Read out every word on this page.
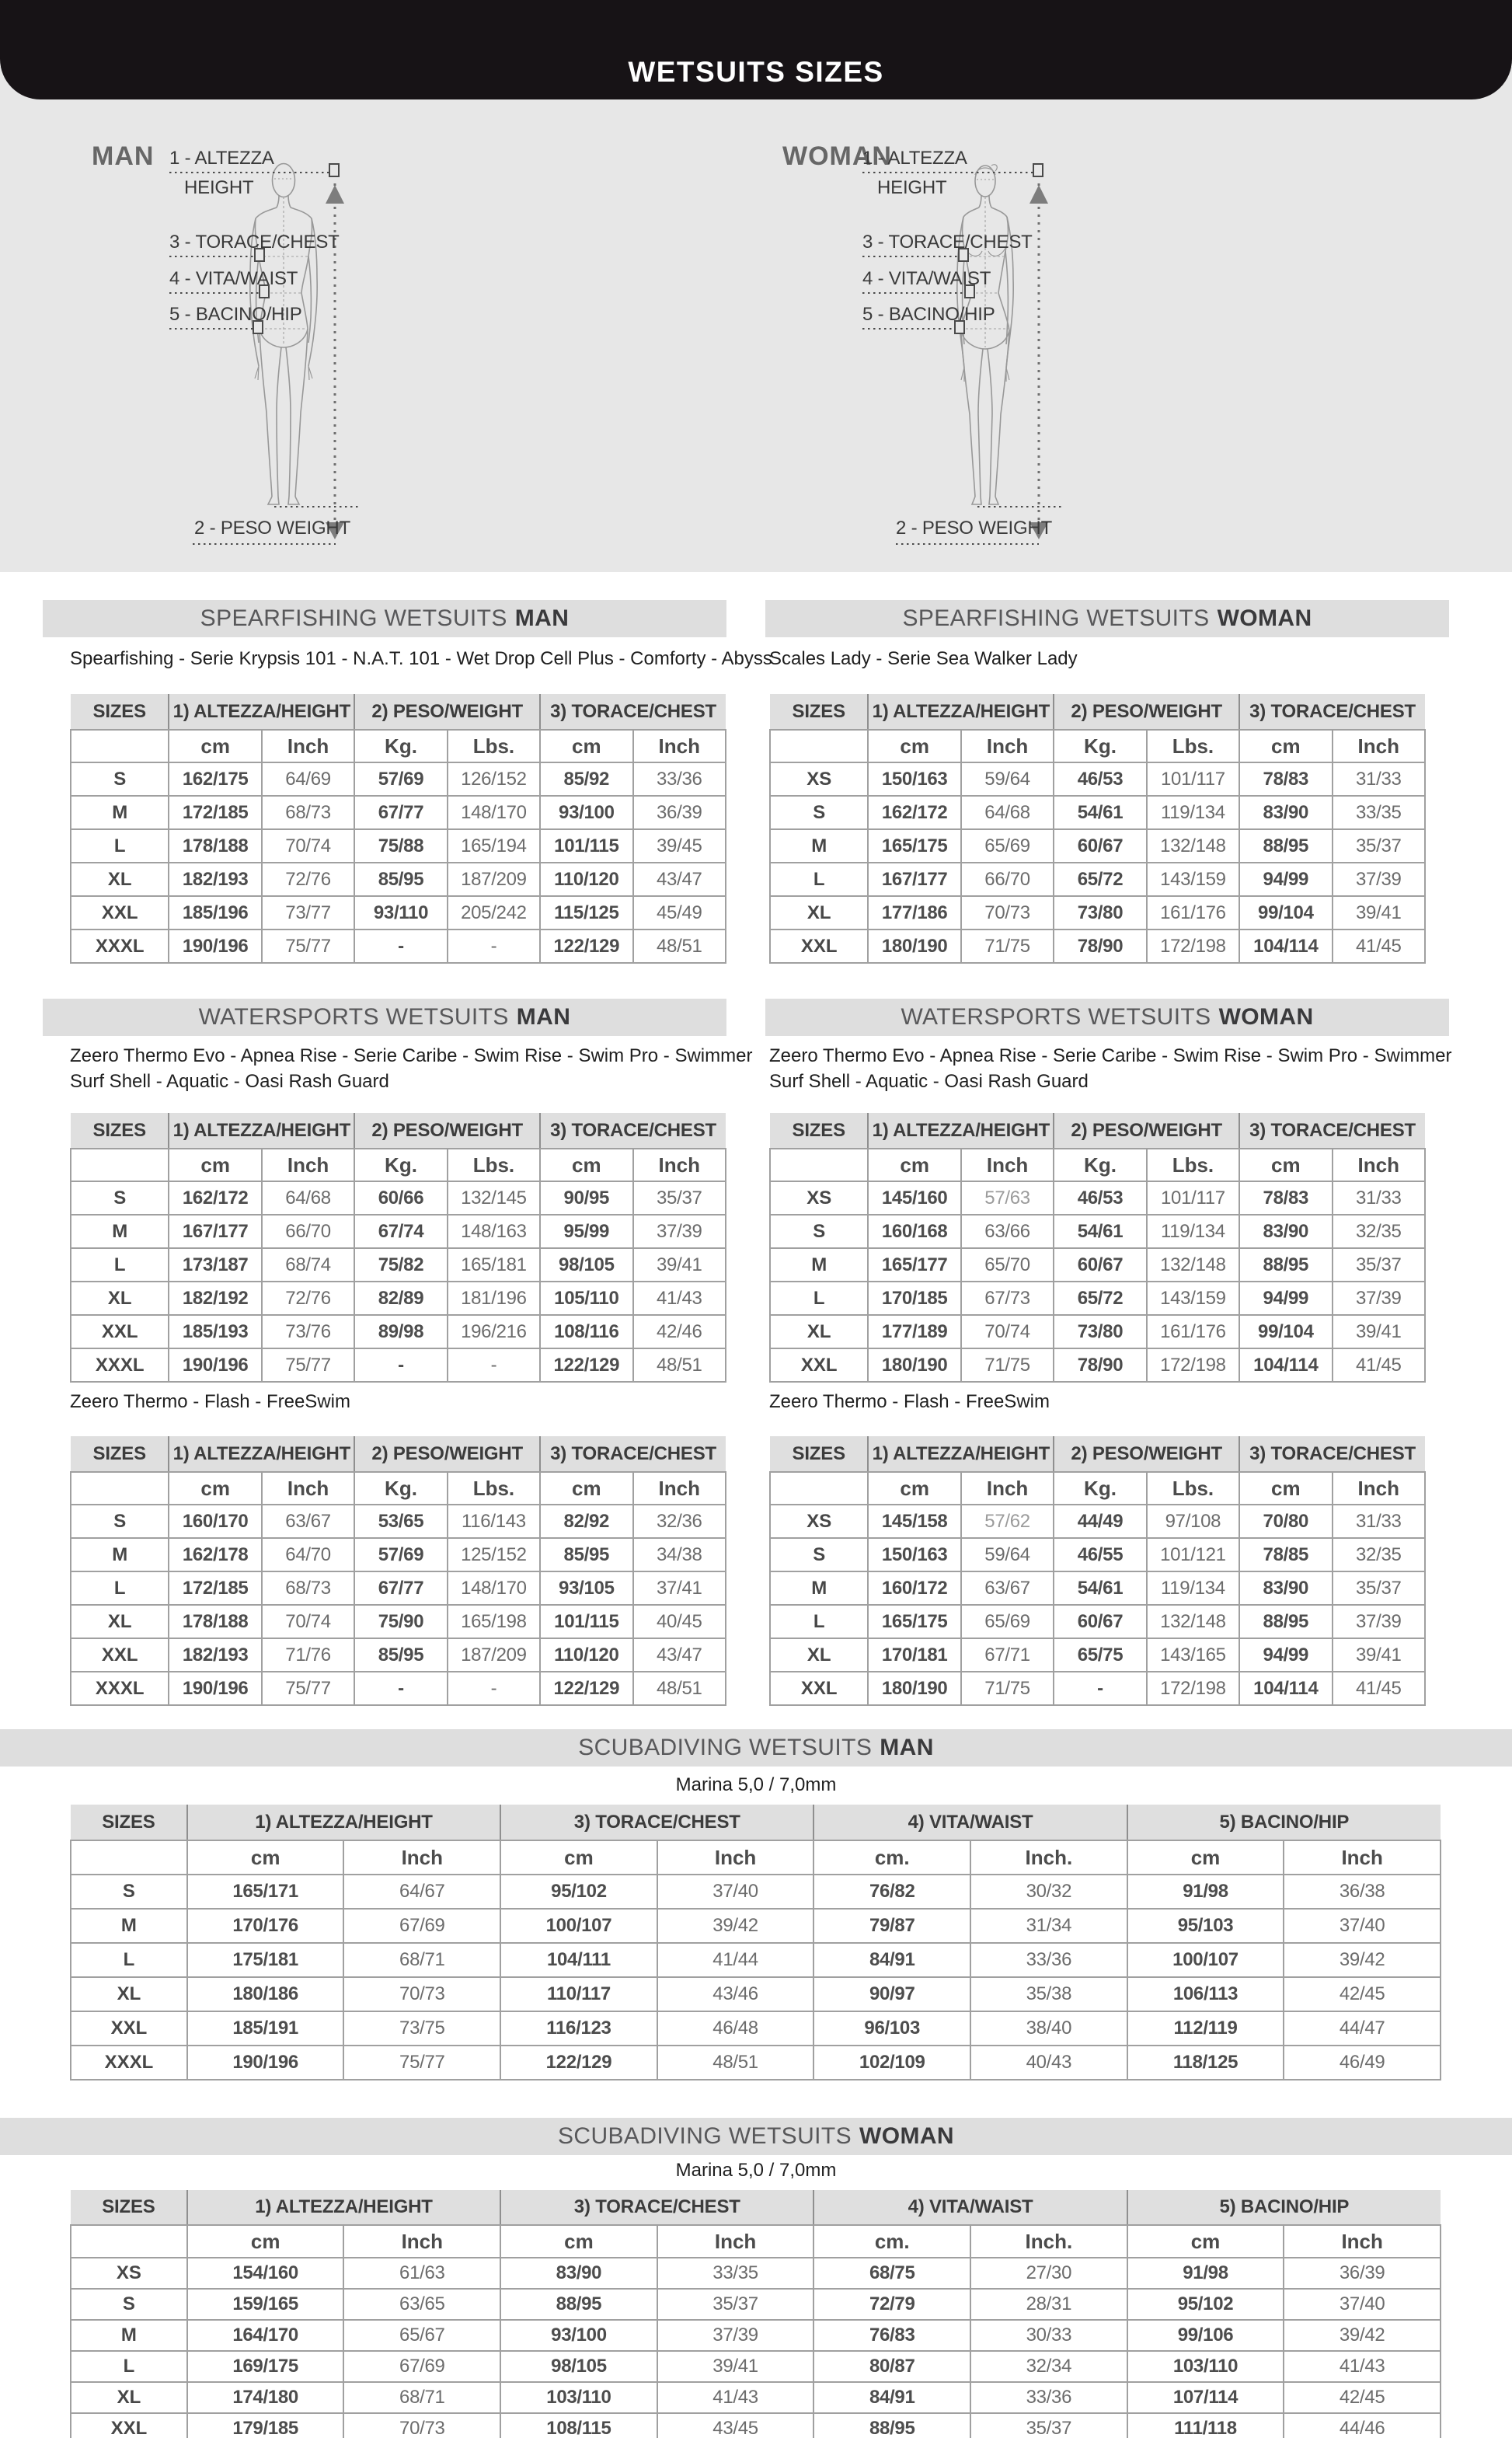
WETSUITS SIZES
MAN 1 - ALTEZZA
HEIGHT
3 - TORACE/CHEST
4 - VITA/WAIST
5 - BACINO/HIP
2 - PESO WEIGHT
WOMAN
1 - ALTEZZA
HEIGHT
3 - TORACE/CHEST
4 - VITA/WAIST
5 - BACINO/HIP
2 - PESO WEIGHT
SPEARFISHING WETSUITS MAN
Spearfishing - Serie Krypsis 101 - N.A.T. 101 - Wet Drop Cell Plus - Comforty - Abyss
SIZES	1) ALTEZZA/HEIGHT		2) PESO/WEIGHT		3) TORACE/CHEST	
	cm	Inch	Kg.	Lbs.	cm	Inch
S	162/175	64/69	57/69	126/152	85/92	33/36
M	172/185	68/73	67/77	148/170	93/100	36/39
L	178/188	70/74	75/88	165/194	101/115	39/45
XL	182/193	72/76	85/95	187/209	110/120	43/47
XXL	185/196	73/77	93/110	205/242	115/125	45/49
XXXL	190/196	75/77	-	-	122/129	48/51
SPEARFISHING WETSUITS WOMAN
Scales Lady - Serie Sea Walker Lady
SIZES	1) ALTEZZA/HEIGHT		2) PESO/WEIGHT		3) TORACE/CHEST	
	cm	Inch	Kg.	Lbs.	cm	Inch
XS	150/163	59/64	46/53	101/117	78/83	31/33
S	162/172	64/68	54/61	119/134	83/90	33/35
M	165/175	65/69	60/67	132/148	88/95	35/37
L	167/177	66/70	65/72	143/159	94/99	37/39
XL	177/186	70/73	73/80	161/176	99/104	39/41
XXL	180/190	71/75	78/90	172/198	104/114	41/45
WATERSPORTS WETSUITS MAN
Zeero Thermo Evo - Apnea Rise - Serie Caribe - Swim Rise - Swim Pro - Swimmer
Surf Shell - Aquatic - Oasi Rash Guard
SIZES	1) ALTEZZA/HEIGHT		2) PESO/WEIGHT		3) TORACE/CHEST	
	cm	Inch	Kg.	Lbs.	cm	Inch
S	162/172	64/68	60/66	132/145	90/95	35/37
M	167/177	66/70	67/74	148/163	95/99	37/39
L	173/187	68/74	75/82	165/181	98/105	39/41
XL	182/192	72/76	82/89	181/196	105/110	41/43
XXL	185/193	73/76	89/98	196/216	108/116	42/46
XXXL	190/196	75/77	-	-	122/129	48/51
WATERSPORTS WETSUITS WOMAN
Zeero Thermo Evo - Apnea Rise - Serie Caribe - Swim Rise - Swim Pro - Swimmer
Surf Shell - Aquatic - Oasi Rash Guard
SIZES	1) ALTEZZA/HEIGHT		2) PESO/WEIGHT		3) TORACE/CHEST	
	cm	Inch	Kg.	Lbs.	cm	Inch
XS	145/160	57/63	46/53	101/117	78/83	31/33
S	160/168	63/66	54/61	119/134	83/90	32/35
M	165/177	65/70	60/67	132/148	88/95	35/37
L	170/185	67/73	65/72	143/159	94/99	37/39
XL	177/189	70/74	73/80	161/176	99/104	39/41
XXL	180/190	71/75	78/90	172/198	104/114	41/45
Zeero Thermo - Flash - FreeSwim
SIZES	1) ALTEZZA/HEIGHT		2) PESO/WEIGHT		3) TORACE/CHEST	
	cm	Inch	Kg.	Lbs.	cm	Inch
S	160/170	63/67	53/65	116/143	82/92	32/36
M	162/178	64/70	57/69	125/152	85/95	34/38
L	172/185	68/73	67/77	148/170	93/105	37/41
XL	178/188	70/74	75/90	165/198	101/115	40/45
XXL	182/193	71/76	85/95	187/209	110/120	43/47
XXXL	190/196	75/77	-	-	122/129	48/51
Zeero Thermo - Flash - FreeSwim
SIZES	1) ALTEZZA/HEIGHT		2) PESO/WEIGHT		3) TORACE/CHEST	
	cm	Inch	Kg.	Lbs.	cm	Inch
XS	145/158	57/62	44/49	97/108	70/80	31/33
S	150/163	59/64	46/55	101/121	78/85	32/35
M	160/172	63/67	54/61	119/134	83/90	35/37
L	165/175	65/69	60/67	132/148	88/95	37/39
XL	170/181	67/71	65/75	143/165	94/99	39/41
XXL	180/190	71/75	-	172/198	104/114	41/45
SCUBADIVING WETSUITS MAN
Marina 5,0 / 7,0mm
SIZES	1) ALTEZZA/HEIGHT		3) TORACE/CHEST		4) VITA/WAIST		5) BACINO/HIP	
	cm	Inch	cm	Inch	cm.	Inch.	cm	Inch
S	165/171	64/67	95/102	37/40	76/82	30/32	91/98	36/38
M	170/176	67/69	100/107	39/42	79/87	31/34	95/103	37/40
L	175/181	68/71	104/111	41/44	84/91	33/36	100/107	39/42
XL	180/186	70/73	110/117	43/46	90/97	35/38	106/113	42/45
XXL	185/191	73/75	116/123	46/48	96/103	38/40	112/119	44/47
XXXL	190/196	75/77	122/129	48/51	102/109	40/43	118/125	46/49
SCUBADIVING WETSUITS WOMAN
Marina 5,0 / 7,0mm
SIZES	1) ALTEZZA/HEIGHT		3) TORACE/CHEST		4) VITA/WAIST		5) BACINO/HIP	
	cm	Inch	cm	Inch	cm.	Inch.	cm	Inch
XS	154/160	61/63	83/90	33/35	68/75	27/30	91/98	36/39
S	159/165	63/65	88/95	35/37	72/79	28/31	95/102	37/40
M	164/170	65/67	93/100	37/39	76/83	30/33	99/106	39/42
L	169/175	67/69	98/105	39/41	80/87	32/34	103/110	41/43
XL	174/180	68/71	103/110	41/43	84/91	33/36	107/114	42/45
XXL	179/185	70/73	108/115	43/45	88/95	35/37	111/118	44/46
